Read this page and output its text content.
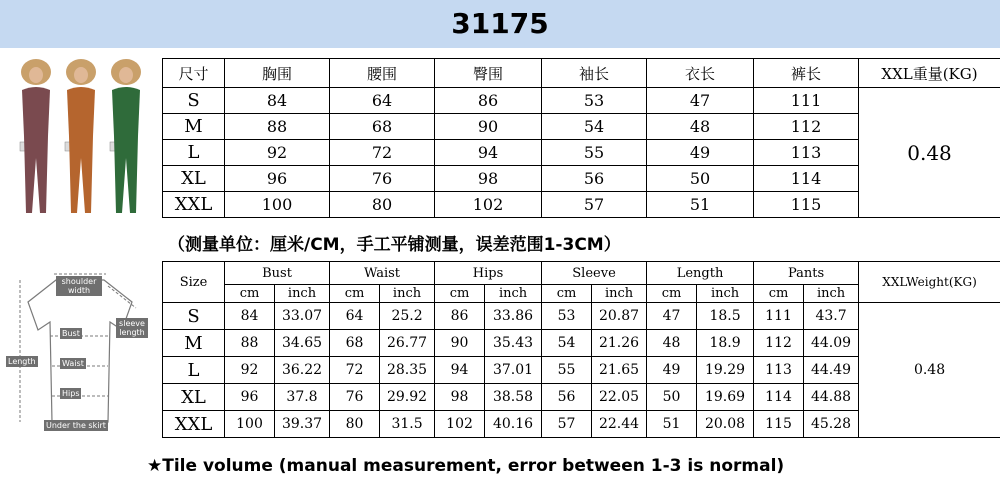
31175
尺寸	胸围	腰围	臀围	袖长	衣长	裤长	XXL重量(KG)
S	84	64	86	53	47	111	0.48
M	88	68	90	54	48	112	
L	92	72	94	55	49	113	
XL	96	76	98	56	50	114	
XXL	100	80	102	57	51	115	
（测量单位：厘米/CM，手工平铺测量，误差范围1-3CM）
shoulder width
Bust
sleeve length
Length	Waist
Hips
Under the skirt
Size	Bust		Waist		Hips		Sleeve		Length		Pants		XXLWeight(KG)
	cm	inch	cm	inch	cm	inch	cm	inch	cm	inch	cm	inch	
S	84	33.07	64	25.2	86	33.86	53	20.87	47	18.5	111	43.7	0.48
M	88	34.65	68	26.77	90	35.43	54	21.26	48	18.9	112	44.09	
L	92	36.22	72	28.35	94	37.01	55	21.65	49	19.29	113	44.49	
XL	96	37.8	76	29.92	98	38.58	56	22.05	50	19.69	114	44.88	
XXL	100	39.37	80	31.5	102	40.16	57	22.44	51	20.08	115	45.28	
★Tile volume (manual measurement, error between 1-3 is normal)
